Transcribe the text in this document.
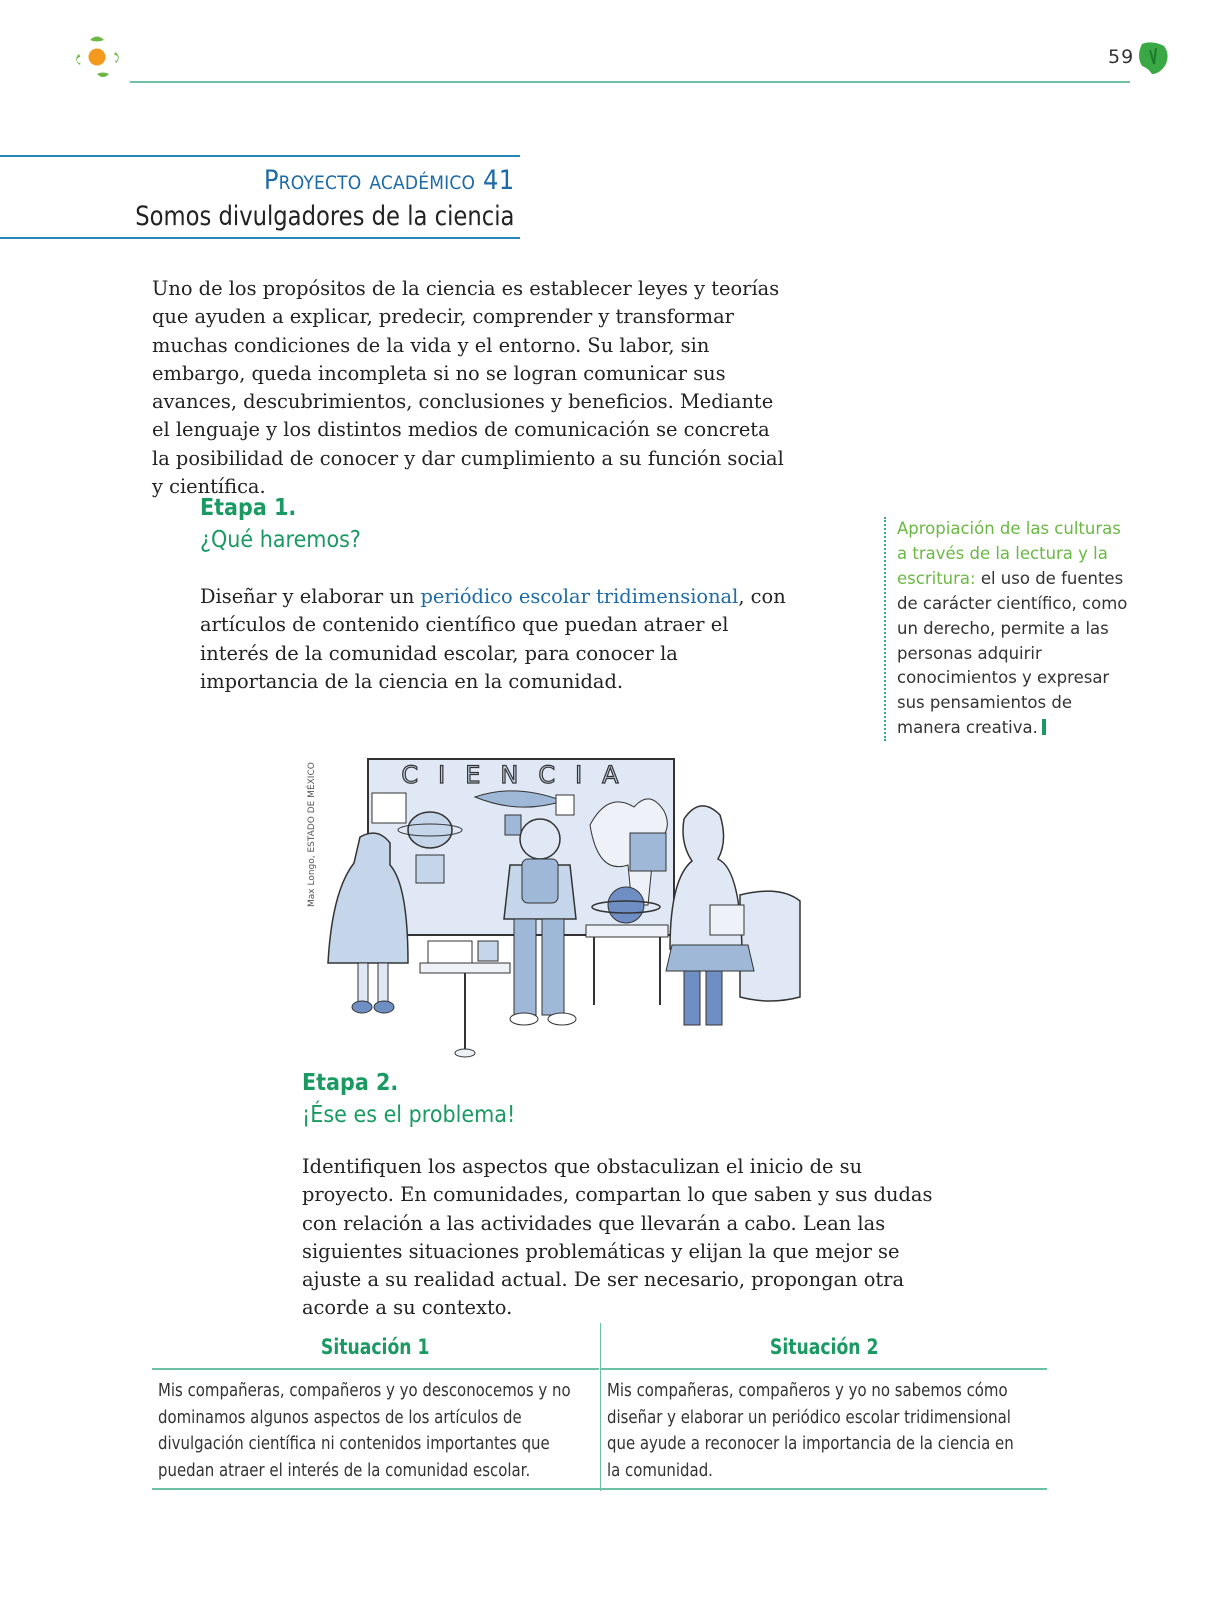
59
Proyecto académico 41
Somos divulgadores de la ciencia

Uno de los propósitos de la ciencia es establecer leyes y teorías que ayuden a explicar, predecir, comprender y transformar muchas condiciones de la vida y el entorno. Su labor, sin embargo, queda incompleta si no se logran comunicar sus avances, descubrimientos, conclusiones y beneficios. Mediante el lenguaje y los distintos medios de comunicación se concreta la posibilidad de conocer y dar cumplimiento a su función social y científica.

Etapa 1.
¿Qué haremos?

Diseñar y elaborar un periódico escolar tridimensional, con artículos de contenido científico que puedan atraer el interés de la comunidad escolar, para conocer la importancia de la ciencia en la comunidad.

Apropiación de las culturas a través de la lectura y la escritura: el uso de fuentes de carácter científico, como un derecho, permite a las personas adquirir conocimientos y expresar sus pensamientos de manera creativa.
Max Longo, ESTADO DE MÉXICO	CIENCIA
Etapa 2.
¡Ése es el problema!

Identifiquen los aspectos que obstaculizan el inicio de su proyecto. En comunidades, compartan lo que saben y sus dudas con relación a las actividades que llevarán a cabo. Lean las siguientes situaciones problemáticas y elijan la que mejor se ajuste a su realidad actual. De ser necesario, propongan otra acorde a su contexto.

Situación 1
Mis compañeras, compañeros y yo desconocemos y no dominamos algunos aspectos de los artículos de divulgación científica ni contenidos importantes que puedan atraer el interés de la comunidad escolar.
Situación 2
Mis compañeras, compañeros y yo no sabemos cómo diseñar y elaborar un periódico escolar tridimensional que ayude a reconocer la importancia de la ciencia en la comunidad.
